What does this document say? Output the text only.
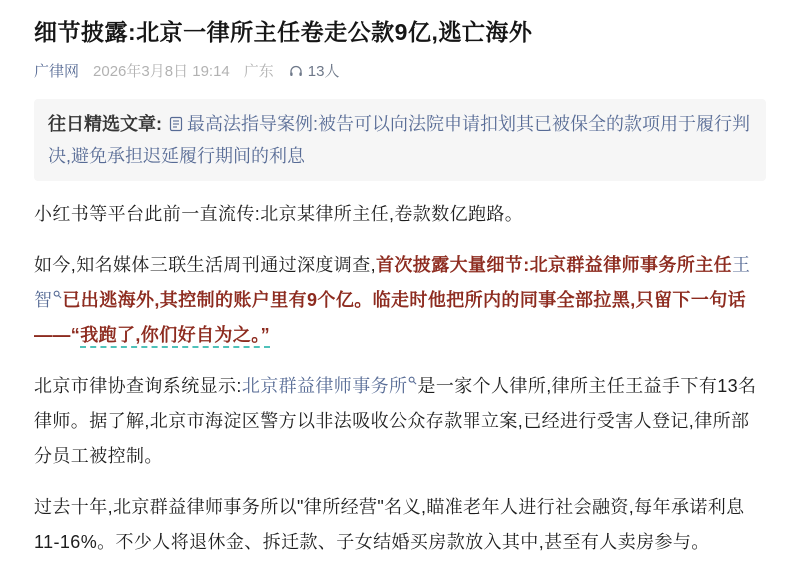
细节披露:北京一律所主任卷走公款9亿,逃亡海外
广律网 2026年3月8日 19:14 广东 13人
往日精选文章: 最高法指导案例:被告可以向法院申请扣划其已被保全的款项用于履行判决,避免承担迟延履行期间的利息

小红书等平台此前一直流传:北京某律所主任,卷款数亿跑路。

如今,知名媒体三联生活周刊通过深度调查,首次披露大量细节:北京群益律师事务所主任王智 已出逃海外,其控制的账户里有9个亿。临走时他把所内的同事全部拉黑,只留下一句话——“我跑了,你们好自为之。”

北京市律协查询系统显示:北京群益律师事务所 是一家个人律所,律所主任王益手下有13名律师。据了解,北京市海淀区警方以非法吸收公众存款罪立案,已经进行受害人登记,律所部分员工被控制。

过去十年,北京群益律师事务所以"律所经营"名义,瞄准老年人进行社会融资,每年承诺利息11-16%。不少人将退休金、拆迁款、子女结婚买房款放入其中,甚至有人卖房参与。
